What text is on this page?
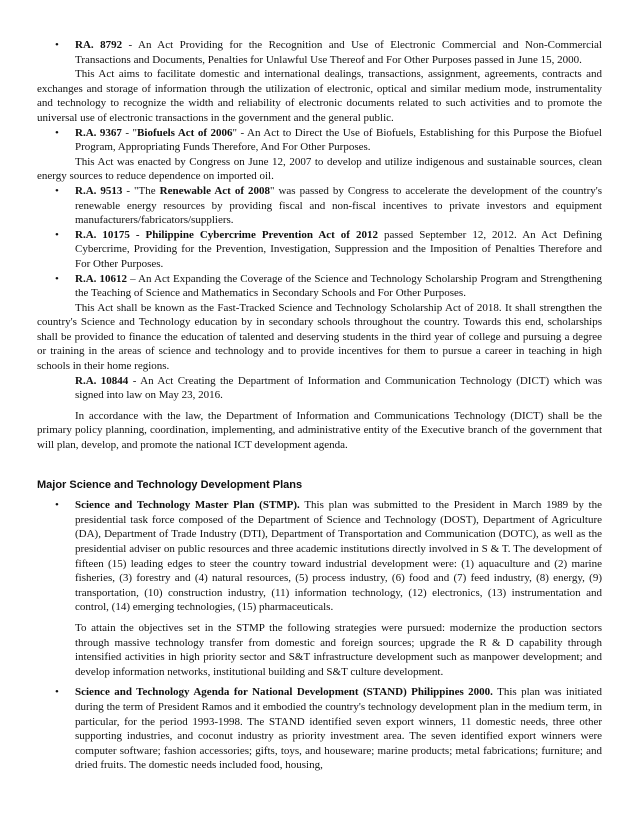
• RA. 8792 - An Act Providing for the Recognition and Use of Electronic Commercial and Non-Commercial Transactions and Documents, Penalties for Unlawful Use Thereof and For Other Purposes passed in June 15, 2000.

This Act aims to facilitate domestic and international dealings, transactions, assignment, agreements, contracts and exchanges and storage of information through the utilization of electronic, optical and similar medium mode, instrumentality and technology to recognize the width and reliability of electronic documents related to such activities and to promote the universal use of electronic transactions in the government and the general public.

• R.A. 9367 - "Biofuels Act of 2006" - An Act to Direct the Use of Biofuels, Establishing for this Purpose the Biofuel Program, Appropriating Funds Therefore, And For Other Purposes.

This Act was enacted by Congress on June 12, 2007 to develop and utilize indigenous and sustainable sources, clean energy sources to reduce dependence on imported oil.

• R.A. 9513 - "The Renewable Act of 2008" was passed by Congress to accelerate the development of the country's renewable energy resources by providing fiscal and non-fiscal incentives to private investors and equipment manufacturers/fabricators/suppliers.

• R.A. 10175 - Philippine Cybercrime Prevention Act of 2012 passed September 12, 2012. An Act Defining Cybercrime, Providing for the Prevention, Investigation, Suppression and the Imposition of Penalties Therefore and For Other Purposes.

• R.A. 10612 – An Act Expanding the Coverage of the Science and Technology Scholarship Program and Strengthening the Teaching of Science and Mathematics in Secondary Schools and For Other Purposes.

This Act shall be known as the Fast-Tracked Science and Technology Scholarship Act of 2018. It shall strengthen the country's Science and Technology education by in secondary schools throughout the country. Towards this end, scholarships shall be provided to finance the education of talented and deserving students in the third year of college and pursuing a degree or training in the areas of science and technology and to provide incentives for them to pursue a career in teaching in high schools in their home regions.

R.A. 10844 - An Act Creating the Department of Information and Communication Technology (DICT) which was signed into law on May 23, 2016.

In accordance with the law, the Department of Information and Communications Technology (DICT) shall be the primary policy planning, coordination, implementing, and administrative entity of the Executive branch of the government that will plan, develop, and promote the national ICT development agenda.

Major Science and Technology Development Plans

• Science and Technology Master Plan (STMP). This plan was submitted to the President in March 1989 by the presidential task force composed of the Department of Science and Technology (DOST), Department of Agriculture (DA), Department of Trade Industry (DTI), Department of Transportation and Communication (DOTC), as well as the presidential adviser on public resources and three academic institutions directly involved in S & T. The development of fifteen (15) leading edges to steer the country toward industrial development were: (1) aquaculture and (2) marine fisheries, (3) forestry and (4) natural resources, (5) process industry, (6) food and (7) feed industry, (8) energy, (9) transportation, (10) construction industry, (11) information technology, (12) electronics, (13) instrumentation and control, (14) emerging technologies, (15) pharmaceuticals.

To attain the objectives set in the STMP the following strategies were pursued: modernize the production sectors through massive technology transfer from domestic and foreign sources; upgrade the R & D capability through intensified activities in high priority sector and S&T infrastructure development such as manpower development; and develop information networks, institutional building and S&T culture development.

• Science and Technology Agenda for National Development (STAND) Philippines 2000. This plan was initiated during the term of President Ramos and it embodied the country's technology development plan in the medium term, in particular, for the period 1993-1998. The STAND identified seven export winners, 11 domestic needs, three other supporting industries, and coconut industry as priority investment area. The seven identified export winners were computer software; fashion accessories; gifts, toys, and houseware; marine products; metal fabrications; furniture; and dried fruits. The domestic needs included food, housing,
